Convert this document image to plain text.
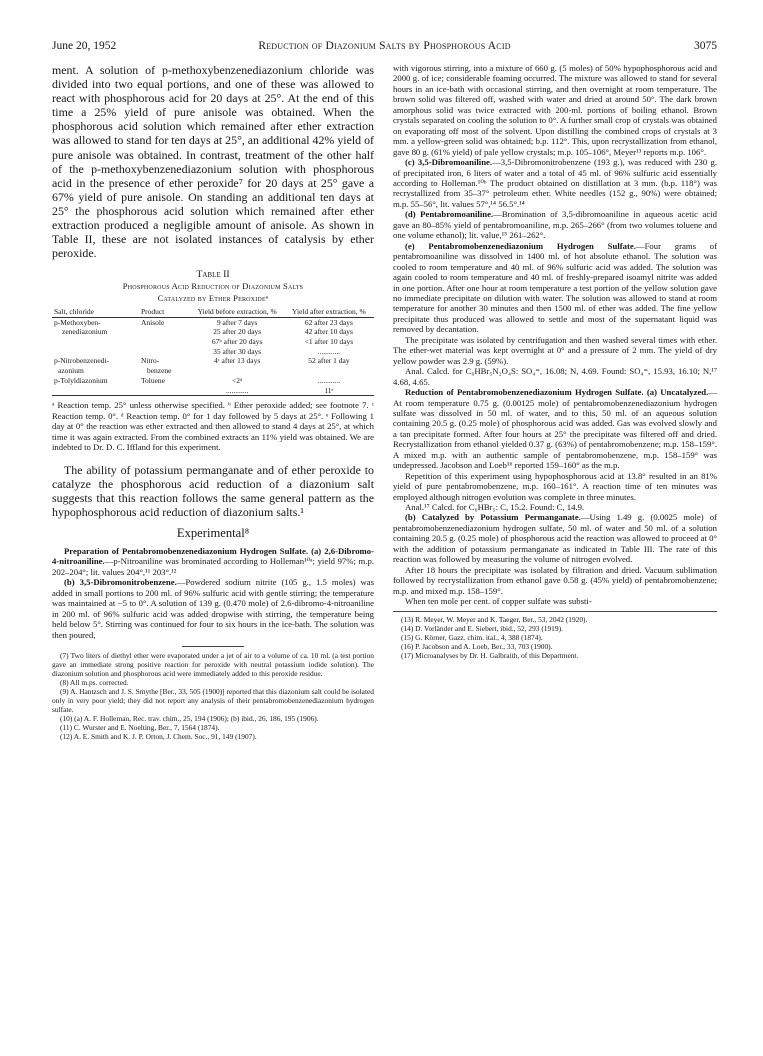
June 20, 1952	Reduction of Diazonium Salts by Phosphorous Acid	3075

ment. A solution of p-methoxybenzenediazonium chloride was divided into two equal portions, and one of these was allowed to react with phosphorous acid for 20 days at 25°. At the end of this time a 25% yield of pure anisole was obtained. When the phosphorous acid solution which remained after ether extraction was allowed to stand for ten days at 25°, an additional 42% yield of pure anisole was obtained. In contrast, treatment of the other half of the p-methoxybenzenediazonium solution with phosphorous acid in the presence of ether peroxide⁷ for 20 days at 25° gave a 67% yield of pure anisole. On standing an additional ten days at 25° the phosphorous acid solution which remained after ether extraction produced a negligible amount of anisole. As shown in Table II, these are not isolated instances of catalysis by ether peroxide.

Table II
Phosphorous Acid Reduction of Diazonium Salts
Catalyzed by Ether Peroxideᵃ
Salt, chloride	Product	Yield before extraction, %	Yield after extraction, %
p-Methoxyben-	Anisole	9 after 7 days	62 after 23 days
zenediazonium		25 after 20 days	42 after 10 days
		67ᵇ after 20 days	<1 after 10 days
		35 after 30 days	............
p-Nitrobenzenedi-	Nitro-	4ᶜ after 13 days	52 after 1 day
azonium	benzene		
p-Tolyldiazonium	Toluene	<2ᵈ	............
		............	11ᵉ

ᵃ Reaction temp. 25° unless otherwise specified. ᵇ Ether peroxide added; see footnote 7. ᶜ Reaction temp. 0°. ᵈ Reaction temp. 0° for 1 day followed by 5 days at 25°. ᵉ Following 1 day at 0° the reaction was ether extracted and then allowed to stand 4 days at 25°, at which time it was again extracted. From the combined extracts an 11% yield was obtained. We are indebted to Dr. D. C. Iffland for this experiment.

The ability of potassium permanganate and of ether peroxide to catalyze the phosphorous acid reduction of a diazonium salt suggests that this reaction follows the same general pattern as the hypophosphorous acid reduction of diazonium salts.¹

Experimental⁸

Preparation of Pentabromobenzenediazonium Hydrogen Sulfate. (a) 2,6-Dibromo-4-nitroaniline.—p-Nitroaniline was brominated according to Holleman¹⁰ᵃ; yield 97%; m.p. 202–204°; lit. values 204°,¹¹ 203°.¹²

(b) 3,5-Dibromonitrobenzene.—Powdered sodium nitrite (105 g., 1.5 moles) was added in small portions to 200 ml. of 96% sulfuric acid with gentle stirring; the temperature was maintained at −5 to 0°. A solution of 139 g. (0.470 mole) of 2,6-dibromo-4-nitroaniline in 200 ml. of 96% sulfuric acid was added dropwise with stirring, the temperature being held below 5°. Stirring was continued for four to six hours in the ice-bath. The solution was then poured,

(7) Two liters of diethyl ether were evaporated under a jet of air to a volume of ca. 10 ml. (a test portion gave an immediate strong positive reaction for peroxide with neutral potassium iodide solution). The diazonium solution and phosphorous acid were immediately added to this peroxide residue.

(8) All m.ps. corrected.

(9) A. Hantzsch and J. S. Smythe [Ber., 33, 505 (1900)] reported that this diazonium salt could be isolated only in very poor yield; they did not report any analysis of their pentabromobenzenediazonium hydrogen sulfate.

(10) (a) A. F. Holleman, Rec. trav. chim., 25, 194 (1906); (b) ibid., 26, 186, 195 (1906).

(11) C. Wurster and E. Noelting, Ber., 7, 1564 (1874).

(12) A. E. Smith and K. J. P. Orton, J. Chem. Soc., 91, 149 (1907).

with vigorous stirring, into a mixture of 660 g. (5 moles) of 50% hypophosphorous acid and 2000 g. of ice; considerable foaming occurred. The mixture was allowed to stand for several hours in an ice-bath with occasional stirring, and then overnight at room temperature. The brown solid was filtered off, washed with water and dried at around 50°. The dark brown amorphous solid was twice extracted with 200-ml. portions of boiling ethanol. Brown crystals separated on cooling the solution to 0°. A further small crop of crystals was obtained on evaporating off most of the solvent. Upon distilling the combined crops of crystals at 3 mm. a yellow-green solid was obtained; b.p. 112°. This, upon recrystallization from ethanol, gave 80 g. (61% yield) of pale yellow crystals; m.p. 105–106°, Meyer¹³ reports m.p. 106°.

(c) 3,5-Dibromoaniline.—3,5-Dibromonitrobenzene (193 g.), was reduced with 230 g. of precipitated iron, 6 liters of water and a total of 45 ml. of 96% sulfuric acid essentially according to Holleman.¹⁰ᵇ The product obtained on distillation at 3 mm. (b.p. 118°) was recrystallized from 35–37° petroleum ether. White needles (152 g., 90%) were obtained; m.p. 55–56°, lit. values 57°,¹⁴ 56.5°.¹⁴

(d) Pentabromoaniline.—Bromination of 3,5-dibromoaniline in aqueous acetic acid gave an 80–85% yield of pentabromoaniline, m.p. 265–266° (from two volumes toluene and one volume ethanol); lit. value,¹⁵ 261–262°.

(e) Pentabromobenzenediazonium Hydrogen Sulfate.—Four grams of pentabromoaniline was dissolved in 1400 ml. of hot absolute ethanol. The solution was cooled to room temperature and 40 ml. of 96% sulfuric acid was added. The solution was again cooled to room temperature and 40 ml. of freshly-prepared isoamyl nitrite was added in one portion. After one hour at room temperature a test portion of the yellow solution gave no immediate precipitate on dilution with water. The solution was allowed to stand at room temperature for another 30 minutes and then 1500 ml. of ether was added. The fine yellow precipitate thus produced was allowed to settle and most of the supernatant liquid was removed by decantation.

The precipitate was isolated by centrifugation and then washed several times with ether. The ether-wet material was kept overnight at 0° and a pressure of 2 mm. The yield of dry yellow powder was 2.9 g. (59%).

Anal. Calcd. for C₆HBr₅N₂O₄S: SO₄⁼, 16.08; N, 4.69. Found: SO₄⁼, 15.93, 16.10; N,¹⁷ 4.68, 4.65.

Reduction of Pentabromobenzenediazonium Hydrogen Sulfate. (a) Uncatalyzed.—At room temperature 0.75 g. (0.00125 mole) of pentabromobenzenediazonium hydrogen sulfate was dissolved in 50 ml. of water, and to this, 50 ml. of an aqueous solution containing 20.5 g. (0.25 mole) of phosphorous acid was added. Gas was evolved slowly and a tan precipitate formed. After four hours at 25° the precipitate was filtered off and dried. Recrystallization from ethanol yielded 0.37 g. (63%) of pentabromobenzene; m.p. 158–159°. A mixed m.p. with an authentic sample of pentabromobenzene, m.p. 158–159° was undepressed. Jacobson and Loeb¹⁶ reported 159–160° as the m.p.

Repetition of this experiment using hypophosphorous acid at 13.8° resulted in an 81% yield of pure pentabromobenzene, m.p. 160–161°. A reaction time of ten minutes was employed although nitrogen evolution was complete in three minutes.

Anal.¹⁷ Calcd. for C₆HBr₅: C, 15.2. Found: C, 14.9.

(b) Catalyzed by Potassium Permanganate.—Using 1.49 g. (0.0025 mole) of pentabromobenzenediazonium hydrogen sulfate, 50 ml. of water and 50 ml. of a solution containing 20.5 g. (0.25 mole) of phosphorous acid the reaction was allowed to proceed at 0° with the addition of potassium permanganate as indicated in Table III. The rate of this reaction was followed by measuring the volume of nitrogen evolved.

After 18 hours the precipitate was isolated by filtration and dried. Vacuum sublimation followed by recrystallization from ethanol gave 0.58 g. (45% yield) of pentabromobenzene; m.p. and mixed m.p. 158–159°.

When ten mole per cent. of copper sulfate was substi-

(13) R. Meyer, W. Meyer and K. Taeger, Ber., 53, 2042 (1920).

(14) D. Vorländer and E. Siebert, ibid., 52, 293 (1919).

(15) G. Körner, Gazz. chim. ital., 4, 388 (1874).

(16) P. Jacobson and A. Loeb, Ber., 33, 703 (1900).

(17) Microanalyses by Dr. H. Galbraith, of this Department.
